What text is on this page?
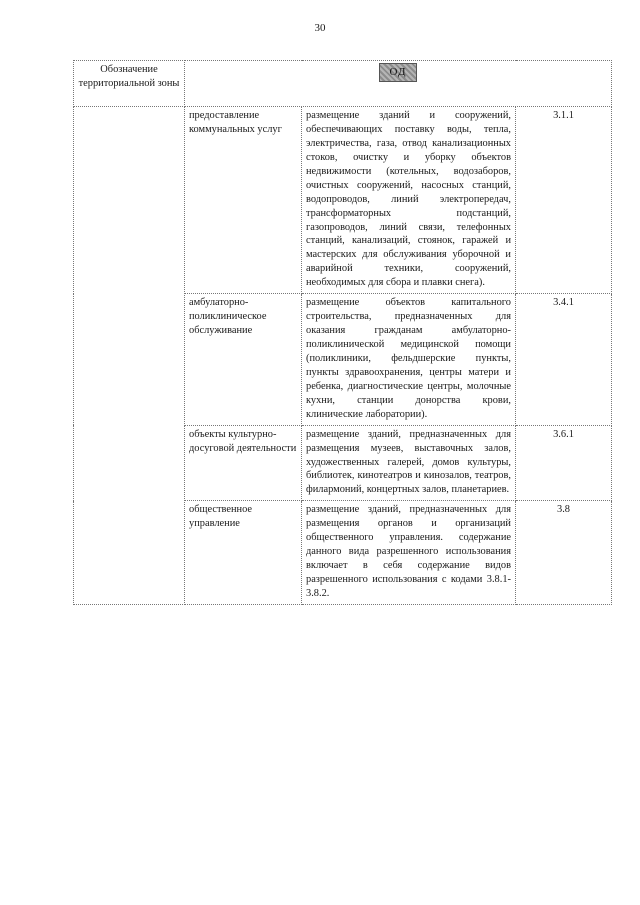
30
Обозначение территориальной зоны	ОД		
	предоставление коммунальных услуг	размещение зданий и сооружений, обеспечивающих поставку воды, тепла, электричества, газа, отвод канализационных стоков, очистку и уборку объектов недвижимости (котельных, водозаборов, очистных сооружений, насосных станций, водопроводов, линий электропередач, трансформаторных подстанций, газопроводов, линий связи, телефонных станций, канализаций, стоянок, гаражей и мастерских для обслуживания уборочной и аварийной техники, сооружений, необходимых для сбора и плавки снега).	3.1.1
	амбулаторно-поликлиническое обслуживание	размещение объектов капитального строительства, предназначенных для оказания гражданам амбулаторно-поликлинической медицинской помощи (поликлиники, фельдшерские пункты, пункты здравоохранения, центры матери и ребенка, диагностические центры, молочные кухни, станции донорства крови, клинические лаборатории).	3.4.1
	объекты культурно-досуговой деятельности	размещение зданий, предназначенных для размещения музеев, выставочных залов, художественных галерей, домов культуры, библиотек, кинотеатров и кинозалов, театров, филармоний, концертных залов, планетариев.	3.6.1
	общественное управление	размещение зданий, предназначенных для размещения органов и организаций общественного управления. содержание данного вида разрешенного использования включает в себя содержание видов разрешенного использования с кодами 3.8.1-3.8.2.	3.8
